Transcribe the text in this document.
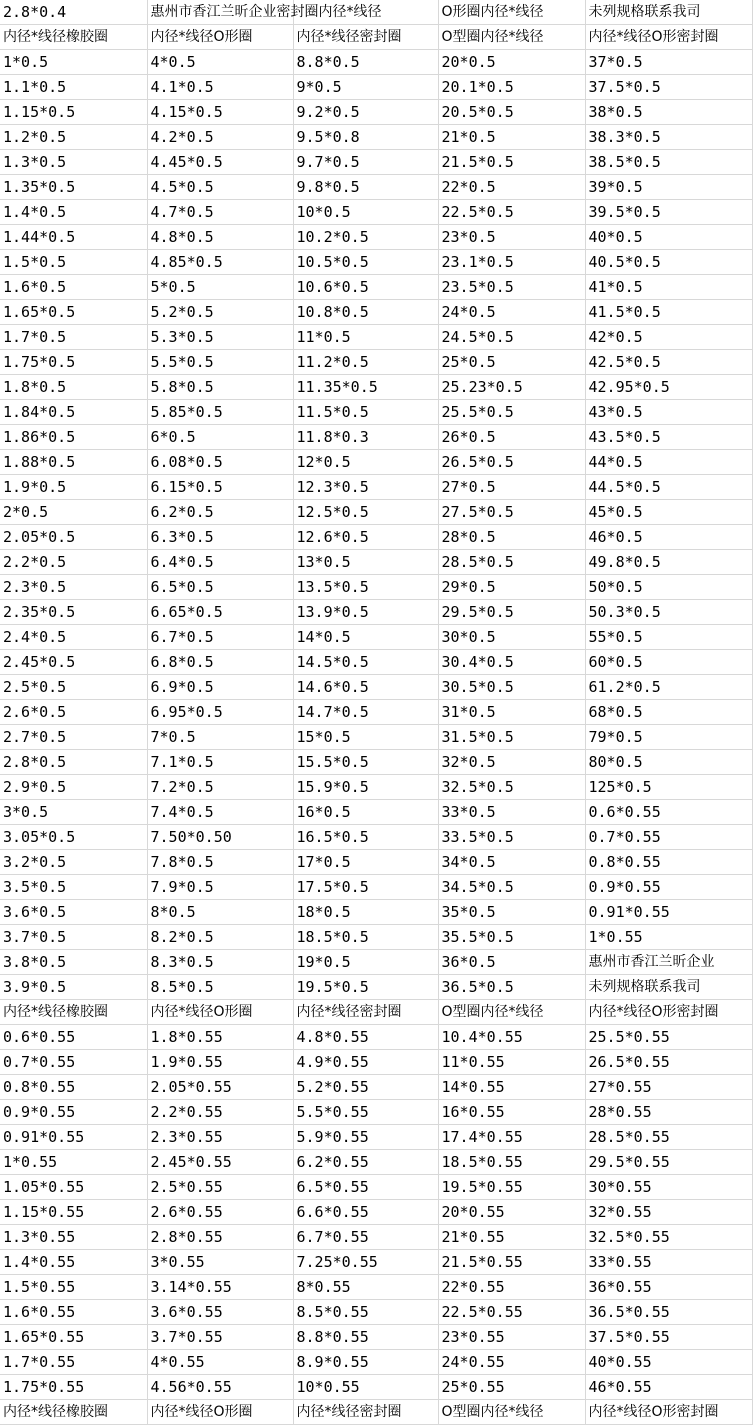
2.8*0.4	惠州市香江兰昕企业密封圈内径*线径		O形圈内径*线径	未列规格联系我司
内径*线径橡胶圈	内径*线径O形圈	内径*线径密封圈	O型圈内径*线径	内径*线径O形密封圈
1*0.5	4*0.5	8.8*0.5	20*0.5	37*0.5
1.1*0.5	4.1*0.5	9*0.5	20.1*0.5	37.5*0.5
1.15*0.5	4.15*0.5	9.2*0.5	20.5*0.5	38*0.5
1.2*0.5	4.2*0.5	9.5*0.8	21*0.5	38.3*0.5
1.3*0.5	4.45*0.5	9.7*0.5	21.5*0.5	38.5*0.5
1.35*0.5	4.5*0.5	9.8*0.5	22*0.5	39*0.5
1.4*0.5	4.7*0.5	10*0.5	22.5*0.5	39.5*0.5
1.44*0.5	4.8*0.5	10.2*0.5	23*0.5	40*0.5
1.5*0.5	4.85*0.5	10.5*0.5	23.1*0.5	40.5*0.5
1.6*0.5	5*0.5	10.6*0.5	23.5*0.5	41*0.5
1.65*0.5	5.2*0.5	10.8*0.5	24*0.5	41.5*0.5
1.7*0.5	5.3*0.5	11*0.5	24.5*0.5	42*0.5
1.75*0.5	5.5*0.5	11.2*0.5	25*0.5	42.5*0.5
1.8*0.5	5.8*0.5	11.35*0.5	25.23*0.5	42.95*0.5
1.84*0.5	5.85*0.5	11.5*0.5	25.5*0.5	43*0.5
1.86*0.5	6*0.5	11.8*0.3	26*0.5	43.5*0.5
1.88*0.5	6.08*0.5	12*0.5	26.5*0.5	44*0.5
1.9*0.5	6.15*0.5	12.3*0.5	27*0.5	44.5*0.5
2*0.5	6.2*0.5	12.5*0.5	27.5*0.5	45*0.5
2.05*0.5	6.3*0.5	12.6*0.5	28*0.5	46*0.5
2.2*0.5	6.4*0.5	13*0.5	28.5*0.5	49.8*0.5
2.3*0.5	6.5*0.5	13.5*0.5	29*0.5	50*0.5
2.35*0.5	6.65*0.5	13.9*0.5	29.5*0.5	50.3*0.5
2.4*0.5	6.7*0.5	14*0.5	30*0.5	55*0.5
2.45*0.5	6.8*0.5	14.5*0.5	30.4*0.5	60*0.5
2.5*0.5	6.9*0.5	14.6*0.5	30.5*0.5	61.2*0.5
2.6*0.5	6.95*0.5	14.7*0.5	31*0.5	68*0.5
2.7*0.5	7*0.5	15*0.5	31.5*0.5	79*0.5
2.8*0.5	7.1*0.5	15.5*0.5	32*0.5	80*0.5
2.9*0.5	7.2*0.5	15.9*0.5	32.5*0.5	125*0.5
3*0.5	7.4*0.5	16*0.5	33*0.5	0.6*0.55
3.05*0.5	7.50*0.50	16.5*0.5	33.5*0.5	0.7*0.55
3.2*0.5	7.8*0.5	17*0.5	34*0.5	0.8*0.55
3.5*0.5	7.9*0.5	17.5*0.5	34.5*0.5	0.9*0.55
3.6*0.5	8*0.5	18*0.5	35*0.5	0.91*0.55
3.7*0.5	8.2*0.5	18.5*0.5	35.5*0.5	1*0.55
3.8*0.5	8.3*0.5	19*0.5	36*0.5	惠州市香江兰昕企业
3.9*0.5	8.5*0.5	19.5*0.5	36.5*0.5	未列规格联系我司
内径*线径橡胶圈	内径*线径O形圈	内径*线径密封圈	O型圈内径*线径	内径*线径O形密封圈
0.6*0.55	1.8*0.55	4.8*0.55	10.4*0.55	25.5*0.55
0.7*0.55	1.9*0.55	4.9*0.55	11*0.55	26.5*0.55
0.8*0.55	2.05*0.55	5.2*0.55	14*0.55	27*0.55
0.9*0.55	2.2*0.55	5.5*0.55	16*0.55	28*0.55
0.91*0.55	2.3*0.55	5.9*0.55	17.4*0.55	28.5*0.55
1*0.55	2.45*0.55	6.2*0.55	18.5*0.55	29.5*0.55
1.05*0.55	2.5*0.55	6.5*0.55	19.5*0.55	30*0.55
1.15*0.55	2.6*0.55	6.6*0.55	20*0.55	32*0.55
1.3*0.55	2.8*0.55	6.7*0.55	21*0.55	32.5*0.55
1.4*0.55	3*0.55	7.25*0.55	21.5*0.55	33*0.55
1.5*0.55	3.14*0.55	8*0.55	22*0.55	36*0.55
1.6*0.55	3.6*0.55	8.5*0.55	22.5*0.55	36.5*0.55
1.65*0.55	3.7*0.55	8.8*0.55	23*0.55	37.5*0.55
1.7*0.55	4*0.55	8.9*0.55	24*0.55	40*0.55
1.75*0.55	4.56*0.55	10*0.55	25*0.55	46*0.55
内径*线径橡胶圈	内径*线径O形圈	内径*线径密封圈	O型圈内径*线径	内径*线径O形密封圈
